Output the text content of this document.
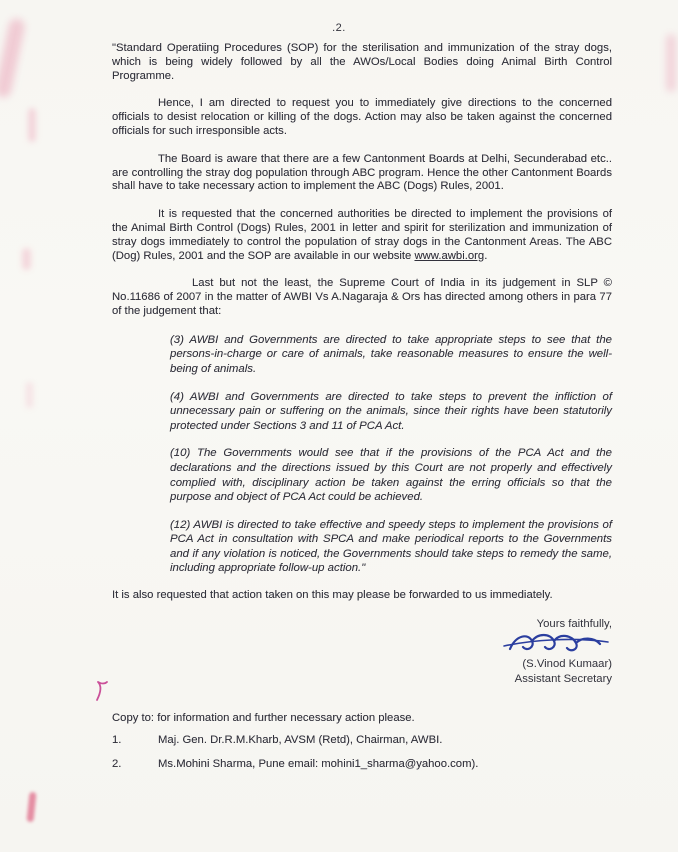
.2.

"Standard Operatiing Procedures (SOP) for the sterilisation and immunization of the stray dogs, which is being widely followed by all the AWOs/Local Bodies doing Animal Birth Control Programme.

Hence, I am directed to request you to immediately give directions to the concerned officials to desist relocation or killing of the dogs. Action may also be taken against the concerned officials for such irresponsible acts.

The Board is aware that there are a few Cantonment Boards at Delhi, Secunderabad etc.. are controlling the stray dog population through ABC program. Hence the other Cantonment Boards shall have to take necessary action to implement the ABC (Dogs) Rules, 2001.

It is requested that the concerned authorities be directed to implement the provisions of the Animal Birth Control (Dogs) Rules, 2001 in letter and spirit for sterilization and immunization of stray dogs immediately to control the population of stray dogs in the Cantonment Areas. The ABC (Dog) Rules, 2001 and the SOP are available in our website www.awbi.org.

Last but not the least, the Supreme Court of India in its judgement in SLP © No.11686 of 2007 in the matter of AWBI Vs A.Nagaraja & Ors has directed among others in para 77 of the judgement that:

(3) AWBI and Governments are directed to take appropriate steps to see that the persons-in-charge or care of animals, take reasonable measures to ensure the well-being of animals.
(4) AWBI and Governments are directed to take steps to prevent the infliction of unnecessary pain or suffering on the animals, since their rights have been statutorily protected under Sections 3 and 11 of PCA Act.
(10) The Governments would see that if the provisions of the PCA Act and the declarations and the directions issued by this Court are not properly and effectively complied with, disciplinary action be taken against the erring officials so that the purpose and object of PCA Act could be achieved.
(12) AWBI is directed to take effective and speedy steps to implement the provisions of PCA Act in consultation with SPCA and make periodical reports to the Governments and if any violation is noticed, the Governments should take steps to remedy the same, including appropriate follow-up action."

It is also requested that action taken on this may please be forwarded to us immediately.

Yours faithfully,
(S.Vinod Kumaar)
Assistant Secretary

Copy to: for information and further necessary action please.

1.	Maj. Gen. Dr.R.M.Kharb, AVSM (Retd), Chairman, AWBI.
2.	Ms.Mohini Sharma, Pune email: mohini1_sharma@yahoo.com).
